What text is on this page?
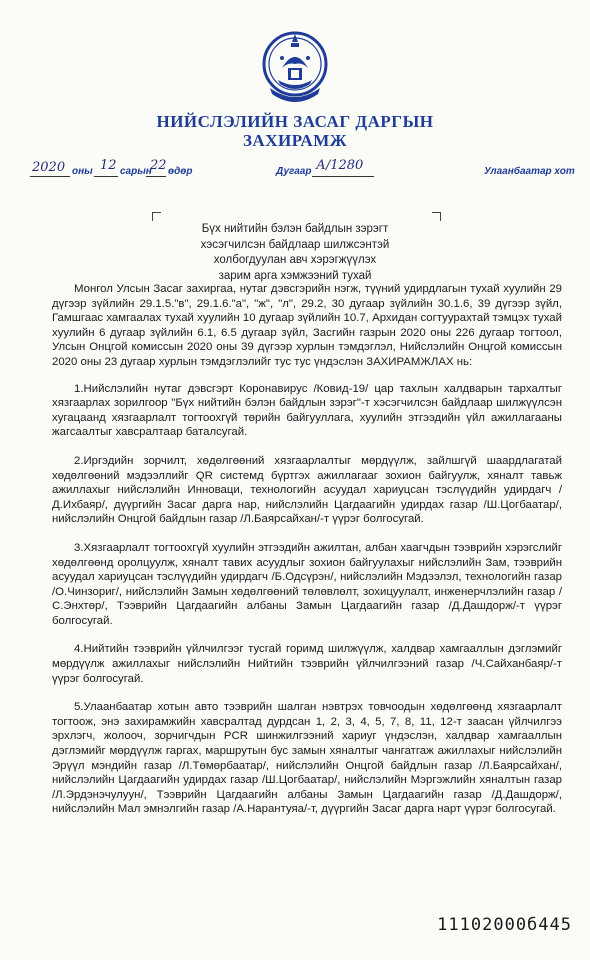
НИЙСЛЭЛИЙН ЗАСАГ ДАРГЫН
ЗАХИРАМЖ
2020 оны 12 сарын
22 өдөр	Дугаар А/1280	Улаанбаатар хот
Бүх нийтийн бэлэн байдлын зэрэгт
хэсэгчилсэн байдлаар шилжсэнтэй
холбогдуулан авч хэрэгжүүлэх
зарим арга хэмжээний тухай

Монгол Улсын Засаг захиргаа, нутаг дэвсгэрийн нэгж, түүний удирдлагын тухай хуулийн 29 дүгээр зүйлийн 29.1.5."в", 29.1.6."а", "ж", "л", 29.2, 30 дугаар зүйлийн 30.1.6, 39 дүгээр зүйл, Гамшгаас хамгаалах тухай хуулийн 10 дугаар зүйлийн 10.7, Архидан согтуурахтай тэмцэх тухай хуулийн 6 дугаар зүйлийн 6.1, 6.5 дугаар зүйл, Засгийн газрын 2020 оны 226 дугаар тогтоол, Улсын Онцгой комиссын 2020 оны 39 дүгээр хурлын тэмдэглэл, Нийслэлийн Онцгой комиссын 2020 оны 23 дугаар хурлын тэмдэглэлийг тус тус үндэслэн ЗАХИРАМЖЛАХ нь:

1.Нийслэлийн нутаг дэвсгэрт Коронавирус /Ковид-19/ цар тахлын халдварын тархалтыг хязгаарлах зорилгоор "Бүх нийтийн бэлэн байдлын зэрэг"-т хэсэгчилсэн байдлаар шилжүүлсэн хугацаанд хязгаарлалт тогтоохгүй төрийн байгууллага, хуулийн этгээдийн үйл ажиллагааны жагсаалтыг хавсралтаар баталсугай.

2.Иргэдийн зорчилт, хөдөлгөөний хязгаарлалтыг мөрдүүлж, зайлшгүй шаардлагатай хөдөлгөөний мэдээллийг QR системд бүртгэх ажиллагааг зохион байгуулж, хяналт тавьж ажиллахыг нийслэлийн Инноваци, технологийн асуудал хариуцсан тэслүүдийн удирдагч /Д.Ихбаяр/, дүүргийн Засаг дарга нар, нийслэлийн Цагдаагийн удирдах газар /Ш.Цогбаатар/, нийслэлийн Онцгой байдлын газар /Л.Баярсайхан/-т үүрэг болгосугай.

3.Хязгаарлалт тогтоохгүй хуулийн этгээдийн ажилтан, албан хаагчдын тээврийн хэрэгслийг хөдөлгөөнд оролцуулж, хяналт тавих асуудлыг зохион байгуулахыг нийслэлийн Зам, тээврийн асуудал хариуцсан тэслүүдийн удирдагч /Б.Одсүрэн/, нийслэлийн Мэдээлэл, технологийн газар /О.Чинзориг/, нийслэлийн Замын хөдөлгөөний төлөвлөлт, зохицуулалт, инженерчлэлийн газар /С.Энхтөр/, Тээврийн Цагдаагийн албаны Замын Цагдаагийн газар /Д.Дашдорж/-т үүрэг болгосугай.

4.Нийтийн тээврийн үйлчилгээг тусгай горимд шилжүүлж, халдвар хамгааллын дэглэмийг мөрдүүлж ажиллахыг нийслэлийн Нийтийн тээврийн үйлчилгээний газар /Ч.Сайханбаяр/-т үүрэг болгосугай.

5.Улаанбаатар хотын авто тээврийн шалган нэвтрэх товчоодын хөдөлгөөнд хязгаарлалт тогтоож, энэ захирамжийн хавсралтад дурдсан 1, 2, 3, 4, 5, 7, 8, 11, 12-т заасан үйлчилгээ эрхлэгч, жолооч, зорчигчдын PCR шинжилгээний хариуг үндэслэн, халдвар хамгааллын дэглэмийг мөрдүүлж гаргах, маршрутын бус замын хяналтыг чангатгаж ажиллахыг нийслэлийн Эрүүл мэндийн газар /Л.Төмөрбаатар/, нийслэлийн Онцгой байдлын газар /Л.Баярсайхан/, нийслэлийн Цагдаагийн удирдах газар /Ш.Цогбаатар/, нийслэлийн Мэргэжлийн хяналтын газар /Л.Эрдэнэчулуун/, Тээврийн Цагдаагийн албаны Замын Цагдаагийн газар /Д.Дашдорж/, нийслэлийн Мал эмнэлгийн газар /А.Нарантуяа/-т, дүүргийн Засаг дарга нарт үүрэг болгосугай.

11102000б445
